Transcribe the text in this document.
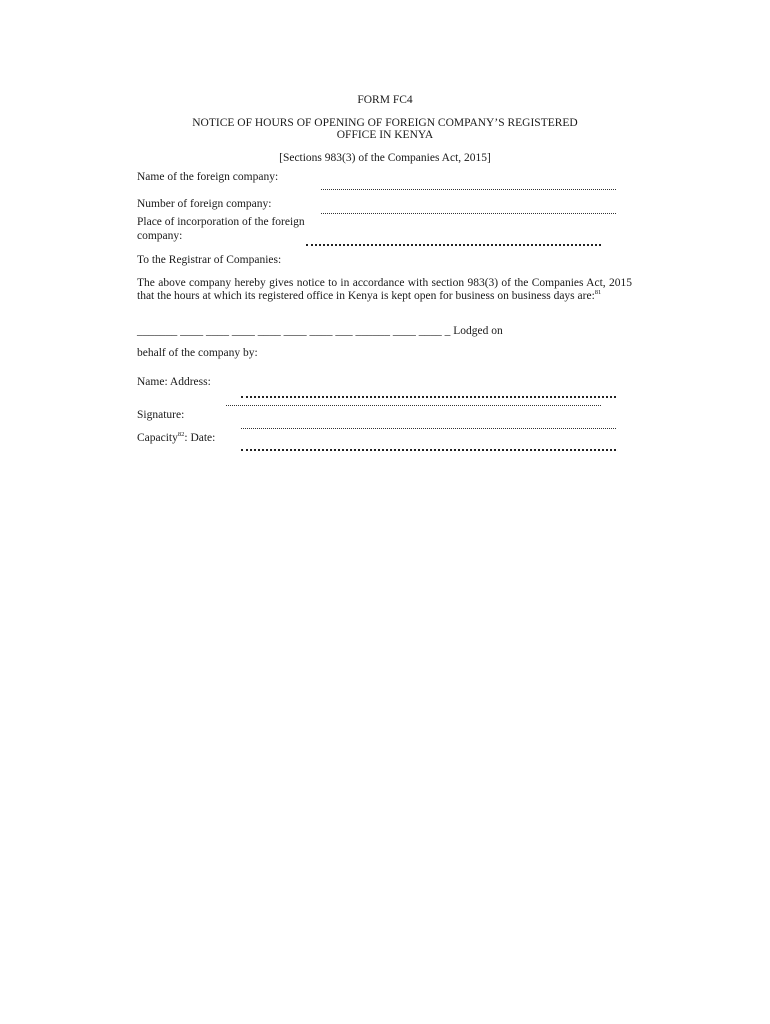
FORM FC4
NOTICE OF HOURS OF OPENING OF FOREIGN COMPANY’S REGISTERED
OFFICE IN KENYA
[Sections 983(3) of the Companies Act, 2015]
Name of the foreign company:
Number of foreign company:
Place of incorporation of the foreign
company:
To the Registrar of Companies:
The above company hereby gives notice to in accordance with section 983(3) of the Companies Act, 2015 that the hours at which its registered office in Kenya is kept open for business on business days are:$^{81}$
_______ ____ ____ ____ ____ ____ ____ ___ ______ ____ ____ _ Lodged on
behalf of the company by:
Name: Address:
Signature:
Capacity$^{82}$: Date:
